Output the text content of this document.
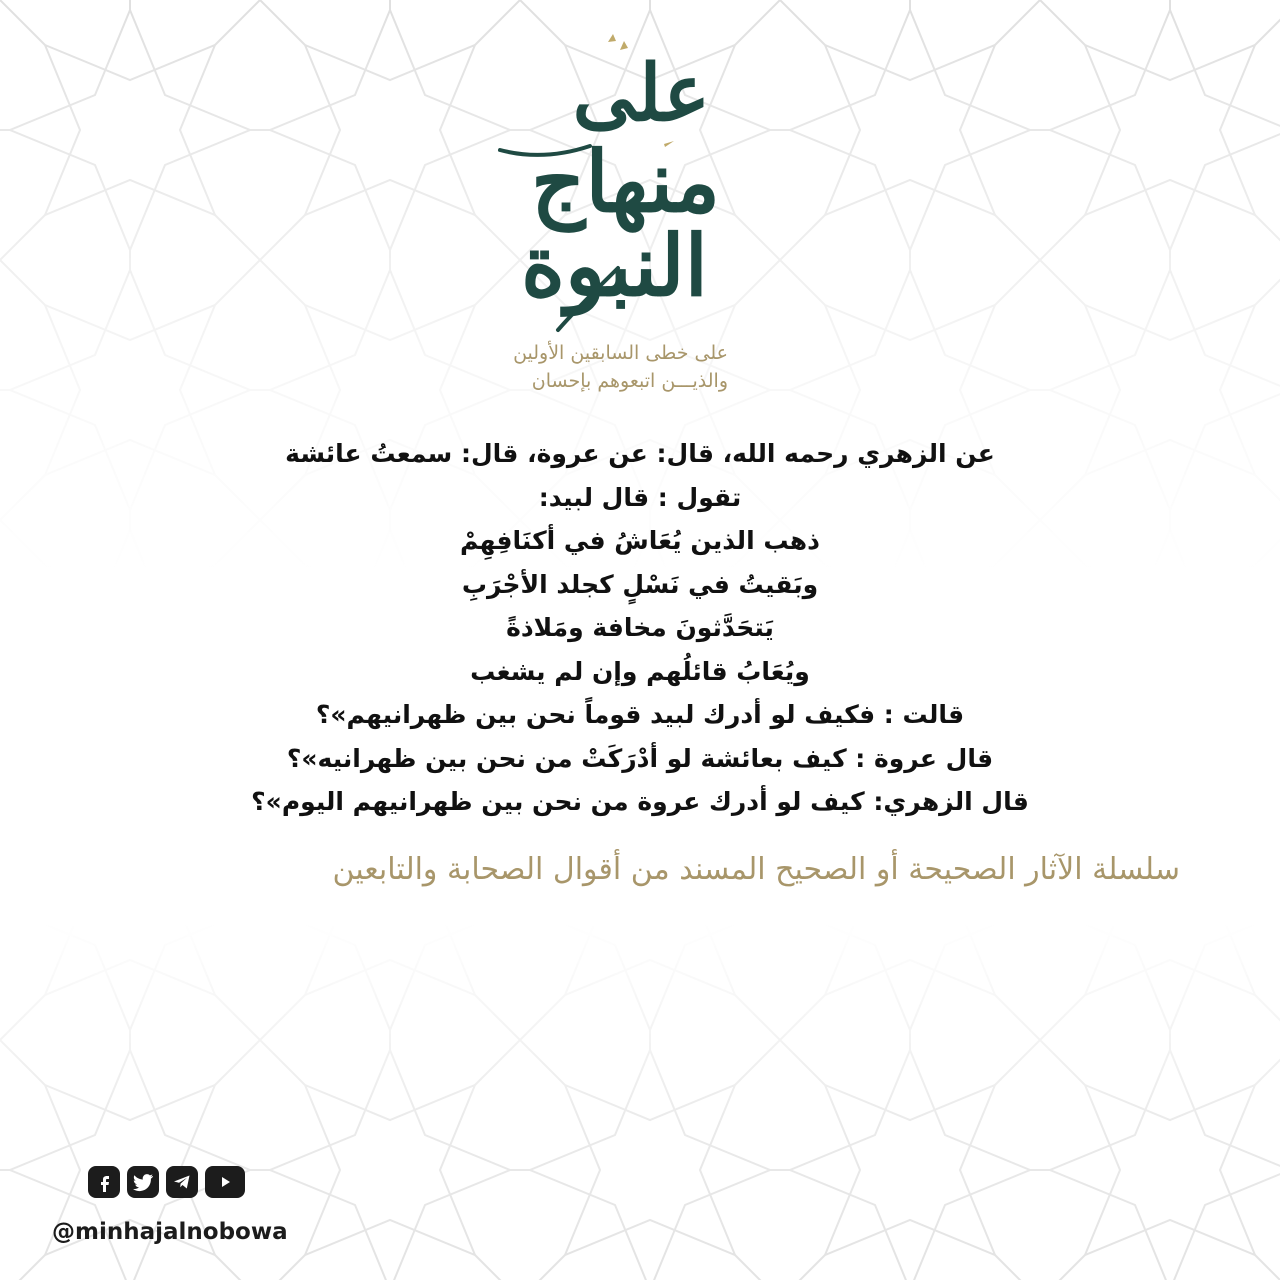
على
منهاج
النبوة
على خطى السابقين الأولين
والذيـــن اتبعوهم بإحسان
عن الزهري رحمه الله، قال: عن عروة، قال: سمعتُ عائشة
تقول : قال لبيد:
ذهب الذين يُعَاشُ في أكنَافِهِمْ
وبَقيتُ في نَسْلٍ كجلد الأجْرَبِ
يَتحَدَّثونَ مخافة ومَلاذةً
ويُعَابُ قائلُهم وإن لم يشغب
قالت : فكيف لو أدرك لبيد قوماً نحن بين ظهرانيهم»؟
قال عروة : كيف بعائشة لو أدْرَكَتْ من نحن بين ظهرانيه»؟
قال الزهري: كيف لو أدرك عروة من نحن بين ظهرانيهم اليوم»؟
سلسلة الآثار الصحيحة أو الصحيح المسند من أقوال الصحابة والتابعين
@minhajalnobowa
